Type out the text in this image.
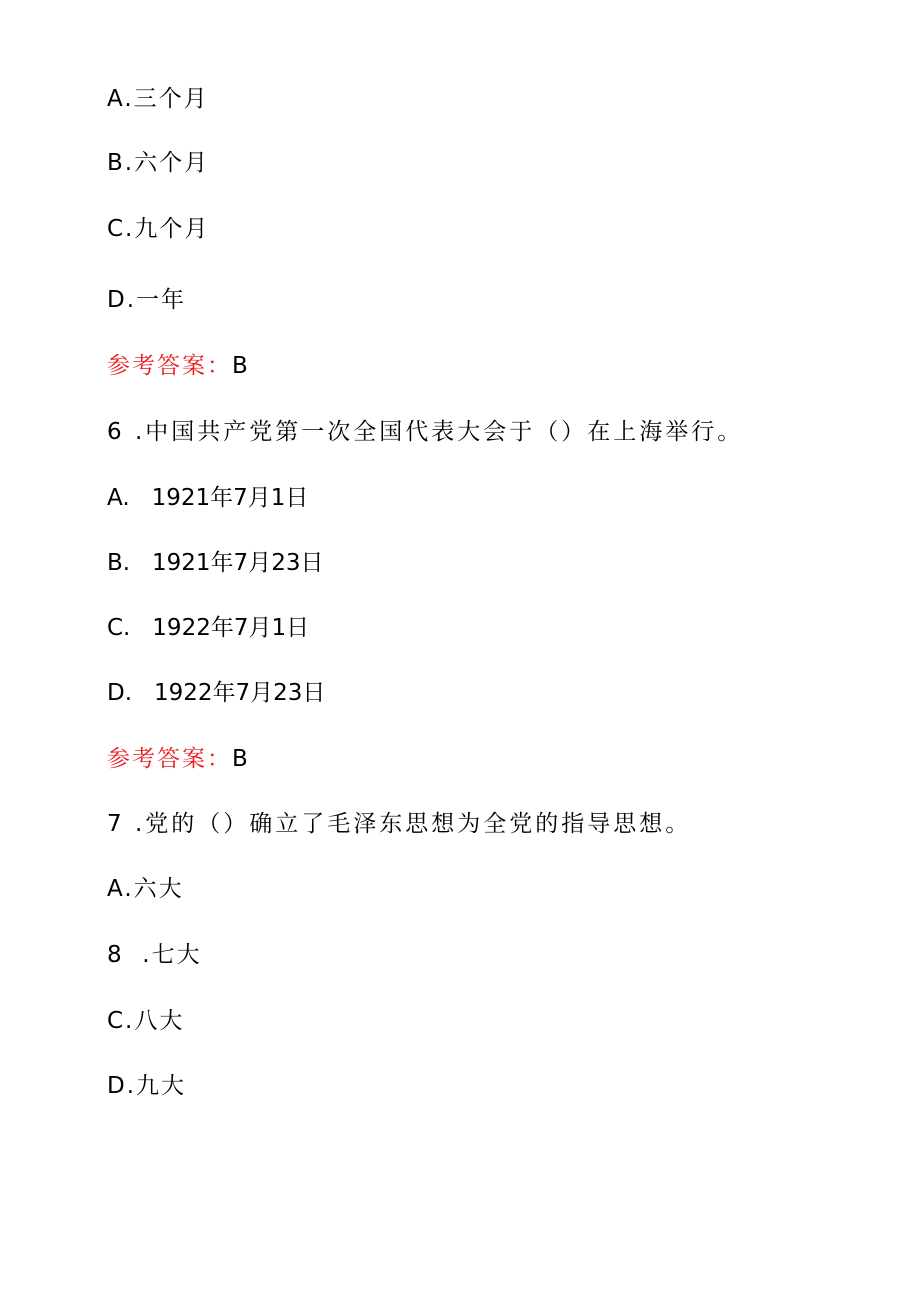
A.三个月
B.六个月
C.九个月
D.一年
参考答案：B
6 .中国共产党第一次全国代表大会于（）在上海举行。
A.   1921年7月1日
B.   1921年7月23日
C.   1922年7月1日
D.   1922年7月23日
参考答案：B
7 .党的（）确立了毛泽东思想为全党的指导思想。
A.六大
8  .七大
C.八大
D.九大
